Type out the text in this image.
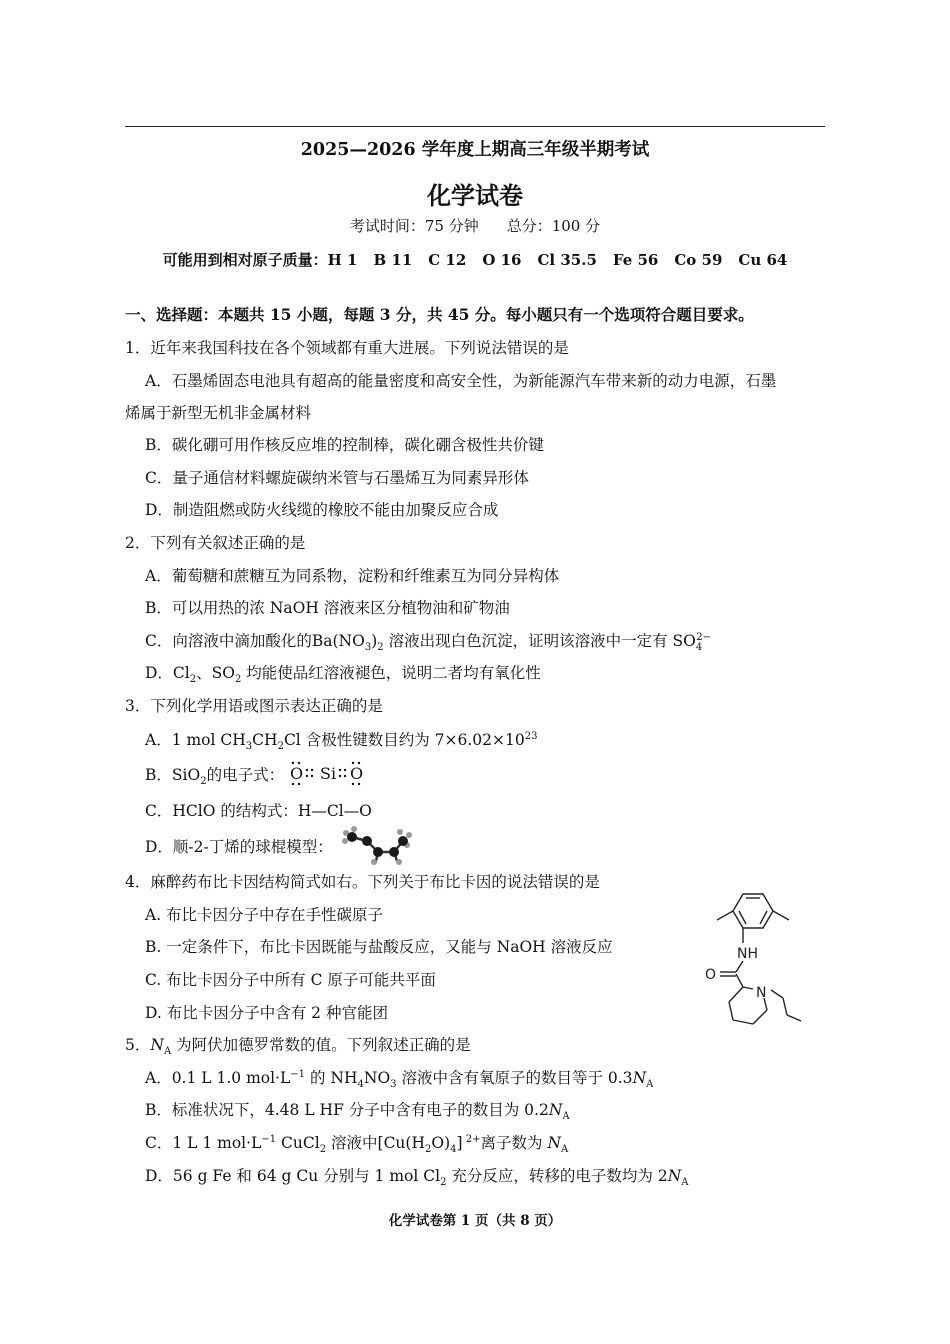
2025—2026 学年度上期高三年级半期考试
化学试卷
考试时间：75 分钟 总分：100 分
可能用到相对原子质量：H 1 B 11 C 12 O 16 Cl 35.5 Fe 56 Co 59 Cu 64
一、选择题：本题共 15 小题，每题 3 分，共 45 分。每小题只有一个选项符合题目要求。
1．近年来我国科技在各个领域都有重大进展。下列说法错误的是
A．石墨烯固态电池具有超高的能量密度和高安全性，为新能源汽车带来新的动力电源，石墨
烯属于新型无机非金属材料
B．碳化硼可用作核反应堆的控制棒，碳化硼含极性共价键
C．量子通信材料螺旋碳纳米管与石墨烯互为同素异形体
D．制造阻燃或防火线缆的橡胶不能由加聚反应合成
2．下列有关叙述正确的是
A．葡萄糖和蔗糖互为同系物，淀粉和纤维素互为同分异构体
B．可以用热的浓 NaOH 溶液来区分植物油和矿物油
C．向溶液中滴加酸化的$Ba(NO_3)_2$ 溶液出现白色沉淀，证明该溶液中一定有 $SO_4^{2-}$
D．$Cl_2$、$SO_2$ 均能使品红溶液褪色，说明二者均有氧化性
3．下列化学用语或图示表达正确的是
A．1 mol $CH_3CH_2Cl$ 含极性键数目约为 $7\times 6.02\times 10^{23}$
B．SiO$_2$的电子式： O Si O
C．HClO 的结构式：H—Cl—O
D．顺-2-丁烯的球棍模型：
4．麻醉药布比卡因结构简式如右。下列关于布比卡因的说法错误的是
A. 布比卡因分子中存在手性碳原子
B. 一定条件下，布比卡因既能与盐酸反应，又能与 NaOH 溶液反应
C. 布比卡因分子中所有 C 原子可能共平面
D. 布比卡因分子中含有 2 种官能团
NH
O
N
5．$N_A$ 为阿伏加德罗常数的值。下列叙述正确的是
A．0.1 L 1.0 $mol\cdot L^{-1}$ 的 $NH_4NO_3$ 溶液中含有氧原子的数目等于 $0.3N_A$
B．标准状况下，4.48 L HF 分子中含有电子的数目为 $0.2N_A$
C．1 L 1 $mol\cdot L^{-1}$ CuCl$_2$ 溶液中$[Cu(H_2O)_4]$ $^{2+}$离子数为 $N_A$
D．56 g Fe 和 64 g Cu 分别与 1 mol $Cl_2$ 充分反应，转移的电子数均为 $2N_A$
化学试卷第 1 页（共 8 页）
